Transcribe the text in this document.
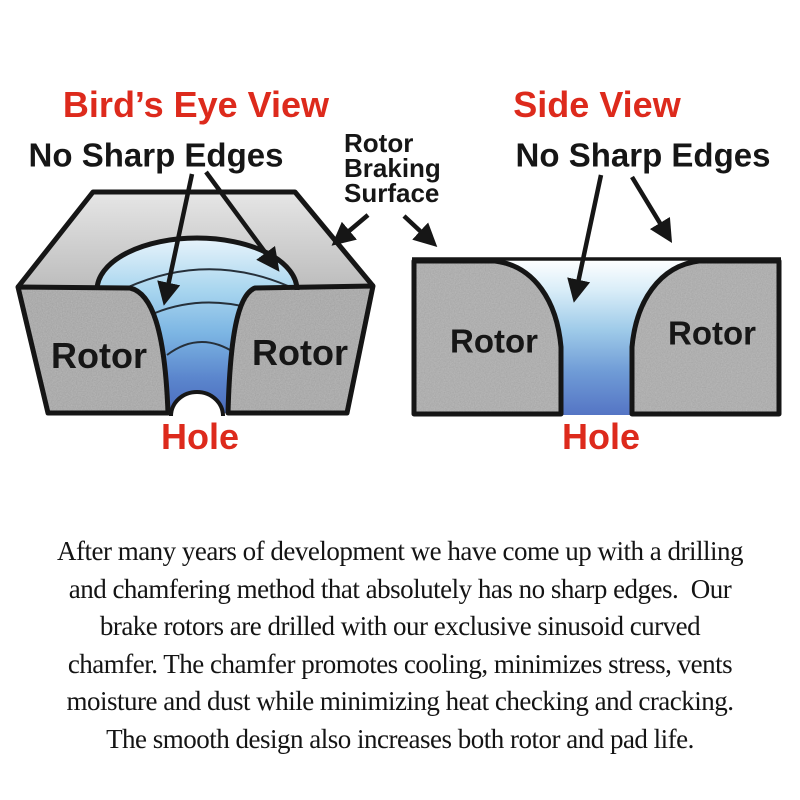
Bird’s Eye View
No Sharp Edges
Side View
No Sharp Edges
Rotor
Braking
Surface
Rotor	Rotor
Hole
Rotor	Rotor
Hole
After many years of development we have come up with a drilling
and chamfering method that absolutely has no sharp edges.  Our
brake rotors are drilled with our exclusive sinusoid curved
chamfer. The chamfer promotes cooling, minimizes stress, vents
moisture and dust while minimizing heat checking and cracking.
The smooth design also increases both rotor and pad life.
